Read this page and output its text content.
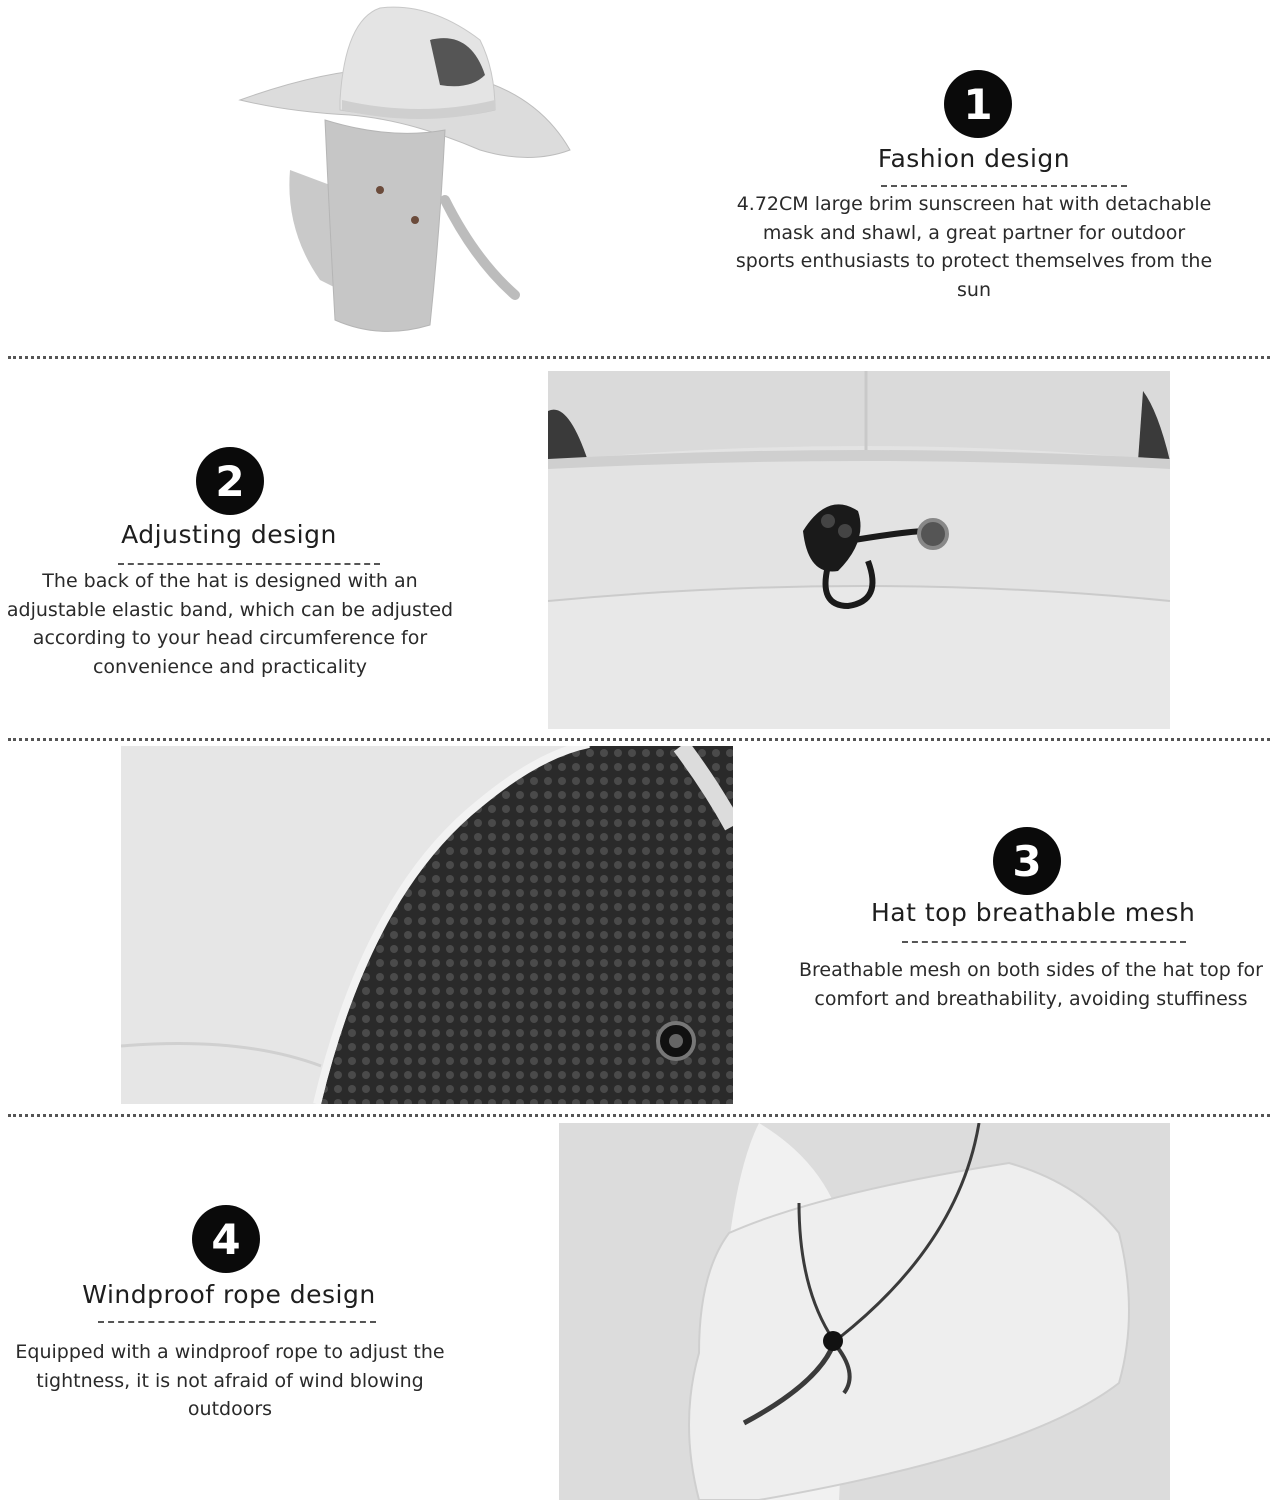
1
Fashion design
4.72CM large brim sunscreen hat with detachable mask and shawl, a great partner for outdoor sports enthusiasts to protect themselves from the sun
2
Adjusting design
The back of the hat is designed with an adjustable elastic band, which can be adjusted according to your head circumference for convenience and practicality
3
Hat top breathable mesh
Breathable mesh on both sides of the hat top for comfort and breathability, avoiding stuffiness
4
Windproof rope design
Equipped with a windproof rope to adjust the tightness, it is not afraid of wind blowing outdoors
